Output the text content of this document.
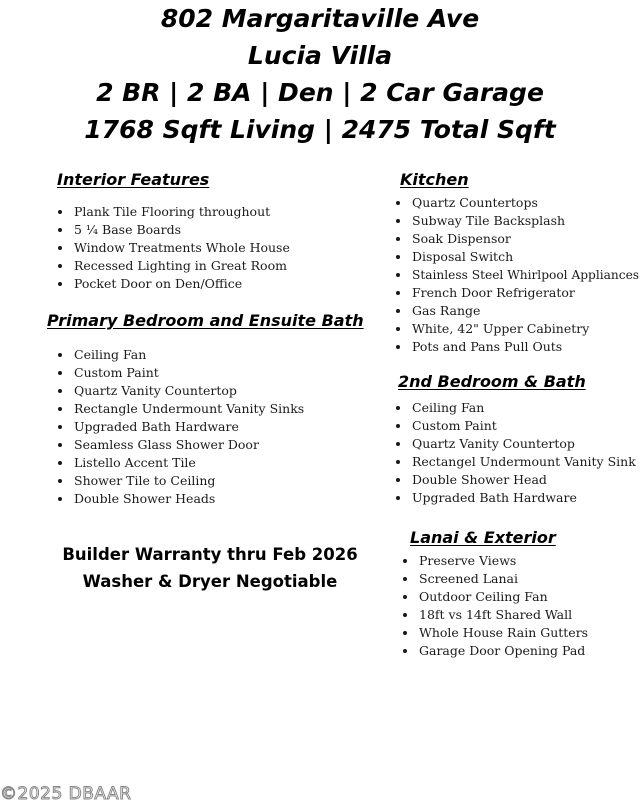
802 Margaritaville Ave
Lucia Villa
2 BR | 2 BA | Den | 2 Car Garage
1768 Sqft Living | 2475 Total Sqft
Interior Features
Plank Tile Flooring throughout
5 ¼ Base Boards
Window Treatments Whole House
Recessed Lighting in Great Room
Pocket Door on Den/Office
Primary Bedroom and Ensuite Bath
Ceiling Fan
Custom Paint
Quartz Vanity Countertop
Rectangle Undermount Vanity Sinks
Upgraded Bath Hardware
Seamless Glass Shower Door
Listello Accent Tile
Shower Tile to Ceiling
Double Shower Heads
Kitchen
Quartz Countertops
Subway Tile Backsplash
Soak Dispensor
Disposal Switch
Stainless Steel Whirlpool Appliances
French Door Refrigerator
Gas Range
White, 42" Upper Cabinetry
Pots and Pans Pull Outs
2nd Bedroom & Bath
Ceiling Fan
Custom Paint
Quartz Vanity Countertop
Rectangel Undermount Vanity Sink
Double Shower Head
Upgraded Bath Hardware
Builder Warranty thru Feb 2026
Washer & Dryer Negotiable
Lanai & Exterior
Preserve Views
Screened Lanai
Outdoor Ceiling Fan
18ft vs 14ft Shared Wall
Whole House Rain Gutters
Garage Door Opening Pad
©2025 DBAAR
